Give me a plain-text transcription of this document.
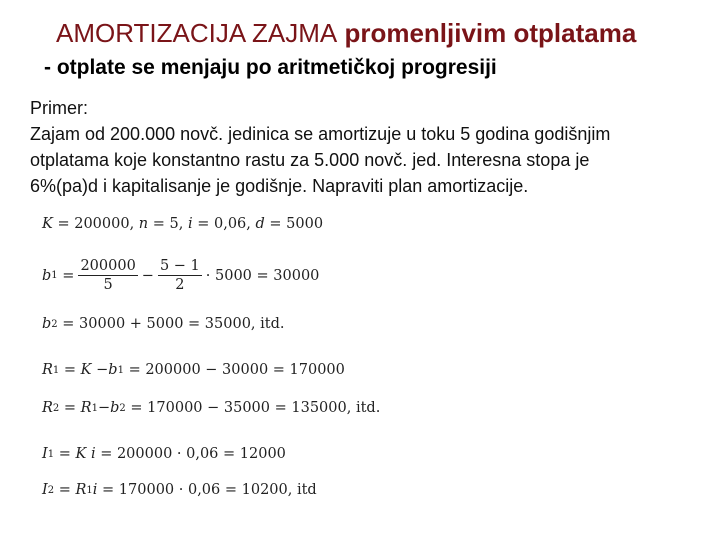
AMORTIZACIJA ZAJMA promenljivim otplatama
- otplate se menjaju po aritmetičkoj progresiji
Primer:
Zajam od 200.000 novč. jedinica se amortizuje u toku 5 godina godišnjim
otplatama koje konstantno rastu za 5.000 novč. jed. Interesna stopa je
6%(pa)d i kapitalisanje je godišnje. Napraviti plan amortizacije.
K = 200000 , n = 5 , i = 0,06 , d = 5000
b $1 = \frac{200000}{5} - \frac{5 - 1}{2} \cdot 5000 = 30000$
b 2
= 30000 + 5000 = 35000, itd.
R 1 = K − b 1
= 200000 − 30000 = 170000
R 2 = R 1 − b 2
= 170000 − 35000 = 135000, itd.
I 1 = K
i
= 200000 · 0,06 = 12000
I 2 = R 1 i
= 170000 · 0,06 = 10200, itd
